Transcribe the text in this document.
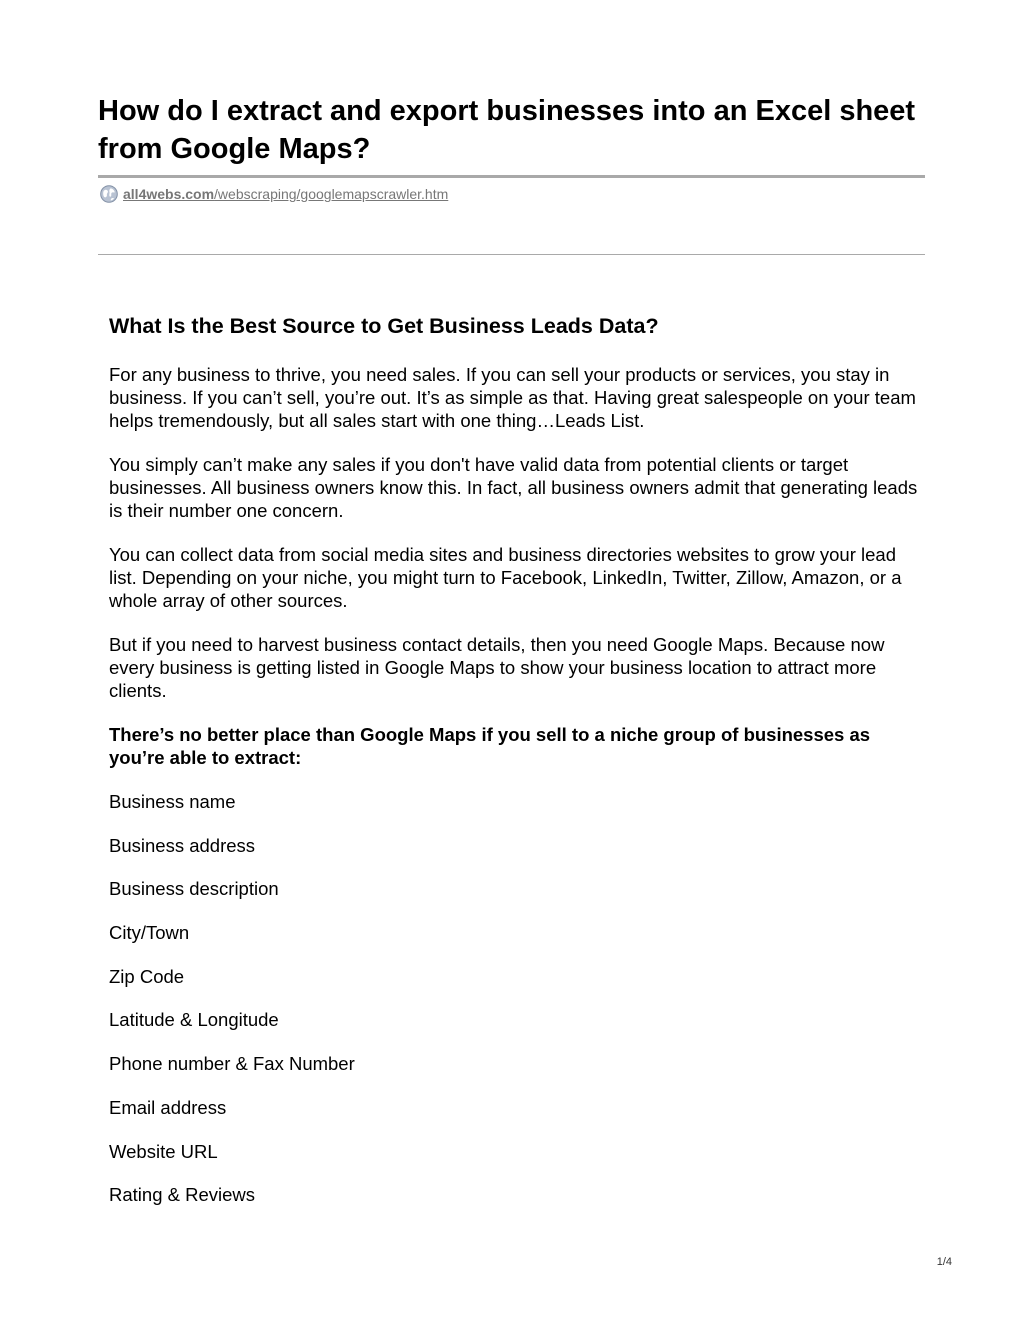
How do I extract and export businesses into an Excel sheet from Google Maps?
all4webs.com/webscraping/googlemapscrawler.htm
What Is the Best Source to Get Business Leads Data?

For any business to thrive, you need sales. If you can sell your products or services, you stay in business. If you can’t sell, you’re out. It’s as simple as that. Having great salespeople on your team helps tremendously, but all sales start with one thing…Leads List.

You simply can’t make any sales if you don't have valid data from potential clients or target businesses. All business owners know this. In fact, all business owners admit that generating leads is their number one concern.

You can collect data from social media sites and business directories websites to grow your lead list. Depending on your niche, you might turn to Facebook, LinkedIn, Twitter, Zillow, Amazon, or a whole array of other sources.

But if you need to harvest business contact details, then you need Google Maps. Because now every business is getting listed in Google Maps to show your business location to attract more clients.

There’s no better place than Google Maps if you sell to a niche group of businesses as you’re able to extract:

Business name
Business address
Business description
City/Town
Zip Code
Latitude & Longitude
Phone number & Fax Number
Email address
Website URL
Rating & Reviews
1/4
